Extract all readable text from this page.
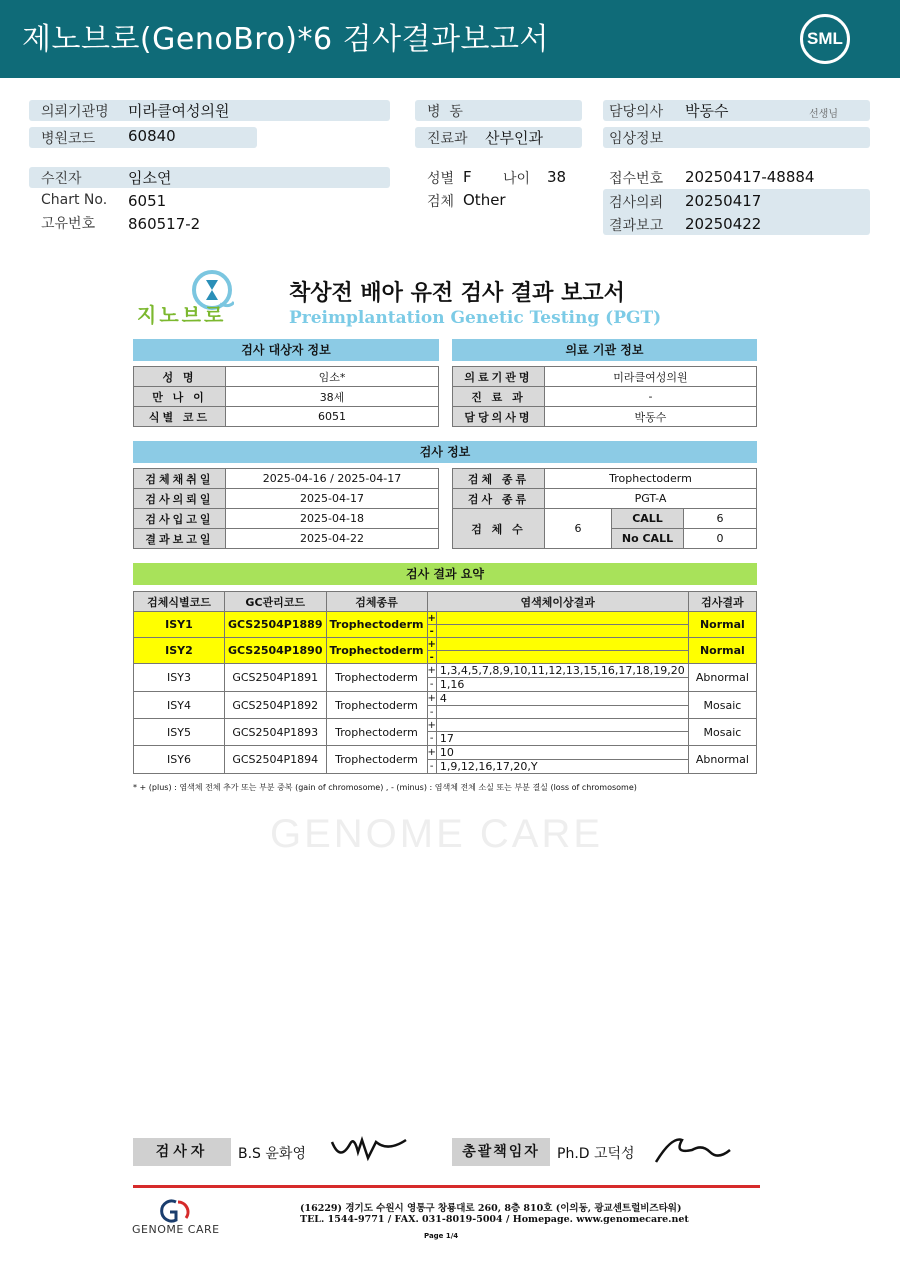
제노브로(GenoBro)*6 검사결과보고서	SML
의뢰기관명 미라클여성의원
병원코드 60840
수진자	임소연
Chart No. 6051
고유번호 860517-2
병  동
진료과 산부인과
성별 F 나이 38
검체 Other
담당의사 박동수	선생님
임상정보
접수번호 20250417-48884
검사의뢰 20250417
결과보고 20250422
지노브로
착상전 배아 유전 검사 결과 보고서
Preimplantation Genetic Testing (PGT)
GENOME CARE
검사 대상자 정보
성 명	임소*
만 나 이	38세
식별 코드	6051
의료 기관 정보
의료기관명	미라클여성의원
진 료 과	-
담당의사명	박동수
검사 정보
검체채취일	2025-04-16 / 2025-04-17
검사의뢰일	2025-04-17
검사입고일	2025-04-18
결과보고일	2025-04-22
검체 종류	Trophectoderm		
검사 종류	PGT-A		
검 체 수	6	CALL	6
		No CALL	0
검사 결과 요약
검체식별코드	GC관리코드	검체종류	염색체이상결과		검사결과
ISY1	GCS2504P1889	Trophectoderm	+		Normal
			-		
ISY2	GCS2504P1890	Trophectoderm	+		Normal
			-		
ISY3	GCS2504P1891	Trophectoderm	+	1,3,4,5,7,8,9,10,11,12,13,15,16,17,18,19,20	Abnormal
			-	1,16	
ISY4	GCS2504P1892	Trophectoderm	+	4	Mosaic
			-		
ISY5	GCS2504P1893	Trophectoderm	+		Mosaic
			-	17	
ISY6	GCS2504P1894	Trophectoderm	+	10	Abnormal
			-	1,9,12,16,17,20,Y	
* + (plus) : 염색체 전체 추가 또는 부분 중복 (gain of chromosome) , - (minus) : 염색체 전체 소실 또는 부분 결실 (loss of chromosome)
검사자	B.S 윤화영	총괄책임자	Ph.D 고덕성
GENOME CARE
(16229) 경기도 수원시 영통구 창룡대로 260, 8층 810호 (이의동, 광교센트럴비즈타워)
TEL. 1544-9771 / FAX. 031-8019-5004 / Homepage. www.genomecare.net
Page 1/4
